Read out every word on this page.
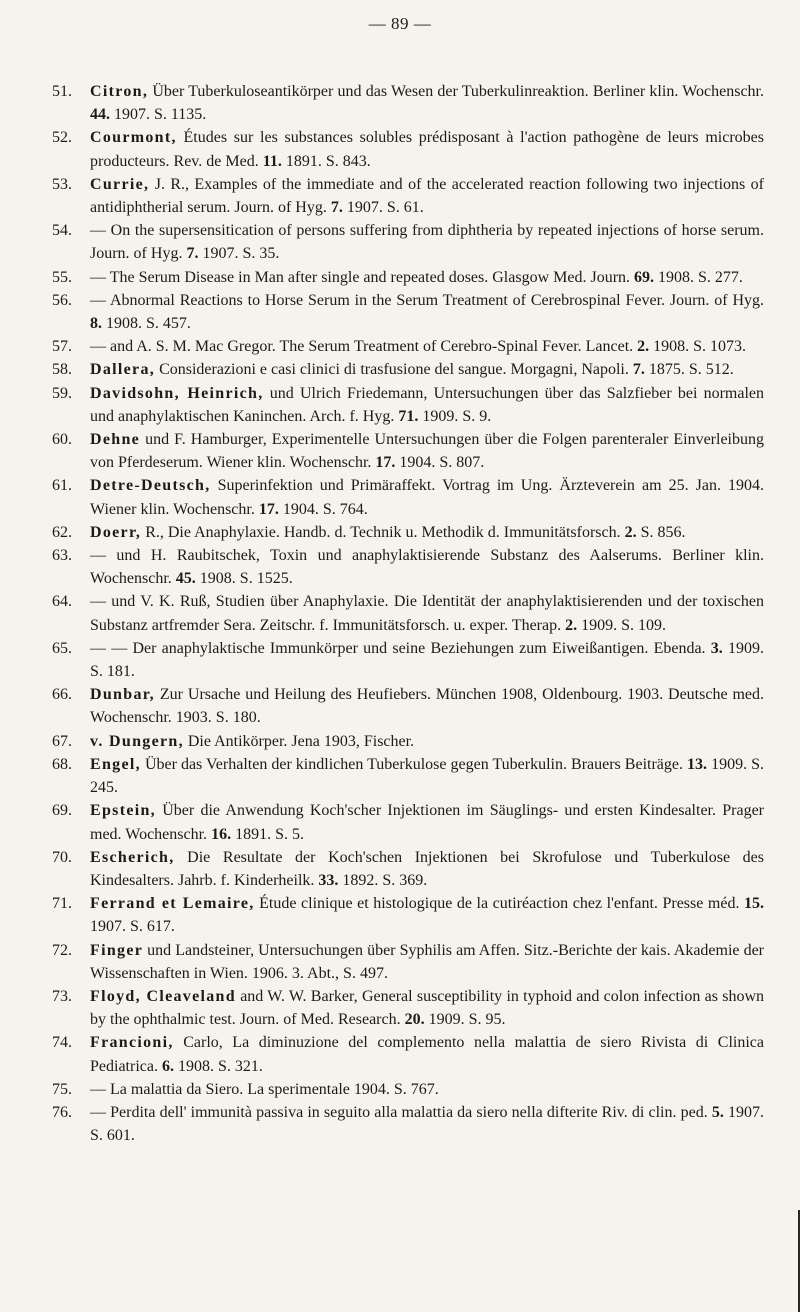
— 89 —
51.	Citron, Über Tuberkuloseantikörper und das Wesen der Tuberkulinreaktion. Berliner klin. Wochenschr. 44. 1907. S. 1135.
52.	Courmont, Études sur les substances solubles prédisposant à l'action pathogène de leurs microbes producteurs. Rev. de Med. 11. 1891. S. 843.
53.	Currie, J. R., Examples of the immediate and of the accelerated reaction following two injections of antidiphtherial serum. Journ. of Hyg. 7. 1907. S. 61.
54.	— On the supersensitication of persons suffering from diphtheria by repeated injections of horse serum. Journ. of Hyg. 7. 1907. S. 35.
55.	— The Serum Disease in Man after single and repeated doses. Glasgow Med. Journ. 69. 1908. S. 277.
56.	— Abnormal Reactions to Horse Serum in the Serum Treatment of Cerebrospinal Fever. Journ. of Hyg. 8. 1908. S. 457.
57.	— and A. S. M. Mac Gregor. The Serum Treatment of Cerebro-Spinal Fever. Lancet. 2. 1908. S. 1073.
58.	Dallera, Considerazioni e casi clinici di trasfusione del sangue. Morgagni, Napoli. 7. 1875. S. 512.
59.	Davidsohn, Heinrich, und Ulrich Friedemann, Untersuchungen über das Salzfieber bei normalen und anaphylaktischen Kaninchen. Arch. f. Hyg. 71. 1909. S. 9.
60.	Dehne und F. Hamburger, Experimentelle Untersuchungen über die Folgen parenteraler Einverleibung von Pferdeserum. Wiener klin. Wochenschr. 17. 1904. S. 807.
61.	Detre-Deutsch, Superinfektion und Primäraffekt. Vortrag im Ung. Ärzteverein am 25. Jan. 1904. Wiener klin. Wochenschr. 17. 1904. S. 764.
62.	Doerr, R., Die Anaphylaxie. Handb. d. Technik u. Methodik d. Immunitätsforsch. 2. S. 856.
63.	— und H. Raubitschek, Toxin und anaphylaktisierende Substanz des Aalserums. Berliner klin. Wochenschr. 45. 1908. S. 1525.
64.	— und V. K. Ruß, Studien über Anaphylaxie. Die Identität der anaphylaktisierenden und der toxischen Substanz artfremder Sera. Zeitschr. f. Immunitätsforsch. u. exper. Therap. 2. 1909. S. 109.
65.	— — Der anaphylaktische Immunkörper und seine Beziehungen zum Eiweißantigen. Ebenda. 3. 1909. S. 181.
66.	Dunbar, Zur Ursache und Heilung des Heufiebers. München 1908, Oldenbourg. 1903. Deutsche med. Wochenschr. 1903. S. 180.
67.	v. Dungern, Die Antikörper. Jena 1903, Fischer.
68.	Engel, Über das Verhalten der kindlichen Tuberkulose gegen Tuberkulin. Brauers Beiträge. 13. 1909. S. 245.
69.	Epstein, Über die Anwendung Koch'scher Injektionen im Säuglings- und ersten Kindesalter. Prager med. Wochenschr. 16. 1891. S. 5.
70.	Escherich, Die Resultate der Koch'schen Injektionen bei Skrofulose und Tuberkulose des Kindesalters. Jahrb. f. Kinderheilk. 33. 1892. S. 369.
71.	Ferrand et Lemaire, Étude clinique et histologique de la cutiréaction chez l'enfant. Presse méd. 15. 1907. S. 617.
72.	Finger und Landsteiner, Untersuchungen über Syphilis am Affen. Sitz.-Berichte der kais. Akademie der Wissenschaften in Wien. 1906. 3. Abt., S. 497.
73.	Floyd, Cleaveland and W. W. Barker, General susceptibility in typhoid and colon infection as shown by the ophthalmic test. Journ. of Med. Research. 20. 1909. S. 95.
74.	Francioni, Carlo, La diminuzione del complemento nella malattia de siero Rivista di Clinica Pediatrica. 6. 1908. S. 321.
75.	— La malattia da Siero. La sperimentale 1904. S. 767.
76.	— Perdita dell' immunità passiva in seguito alla malattia da siero nella difterite Riv. di clin. ped. 5. 1907. S. 601.
